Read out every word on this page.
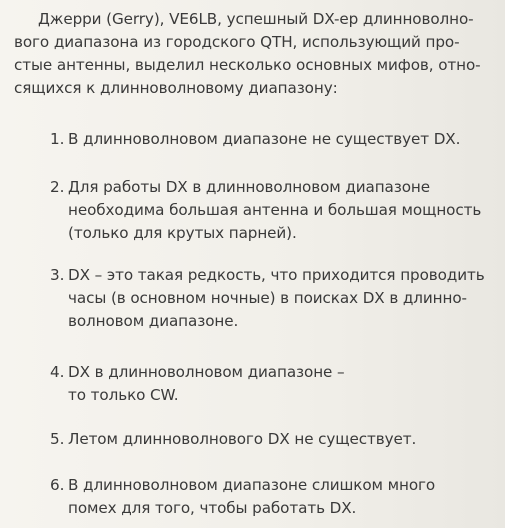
Джерри (Gerry), VE6LB, успешный DX-ер длинноволно-
вого диапазона из городского QTH, использующий про-
стые антенны, выделил несколько основных мифов, отно-
сящихся к длинноволновому диапазону:

1. В длинноволновом диапазоне не существует DX.
2. Для работы DX в длинноволновом диапазоне
необходима большая антенна и большая мощность
(только для крутых парней).
3. DX – это такая редкость, что приходится проводить
часы (в основном ночные) в поисках DX в длинно-
волновом диапазоне.
4. DX в длинноволновом диапазоне –
то только CW.
5. Летом длинноволнового DX не существует.
6. В длинноволновом диапазоне слишком много
помех для того, чтобы работать DX.
